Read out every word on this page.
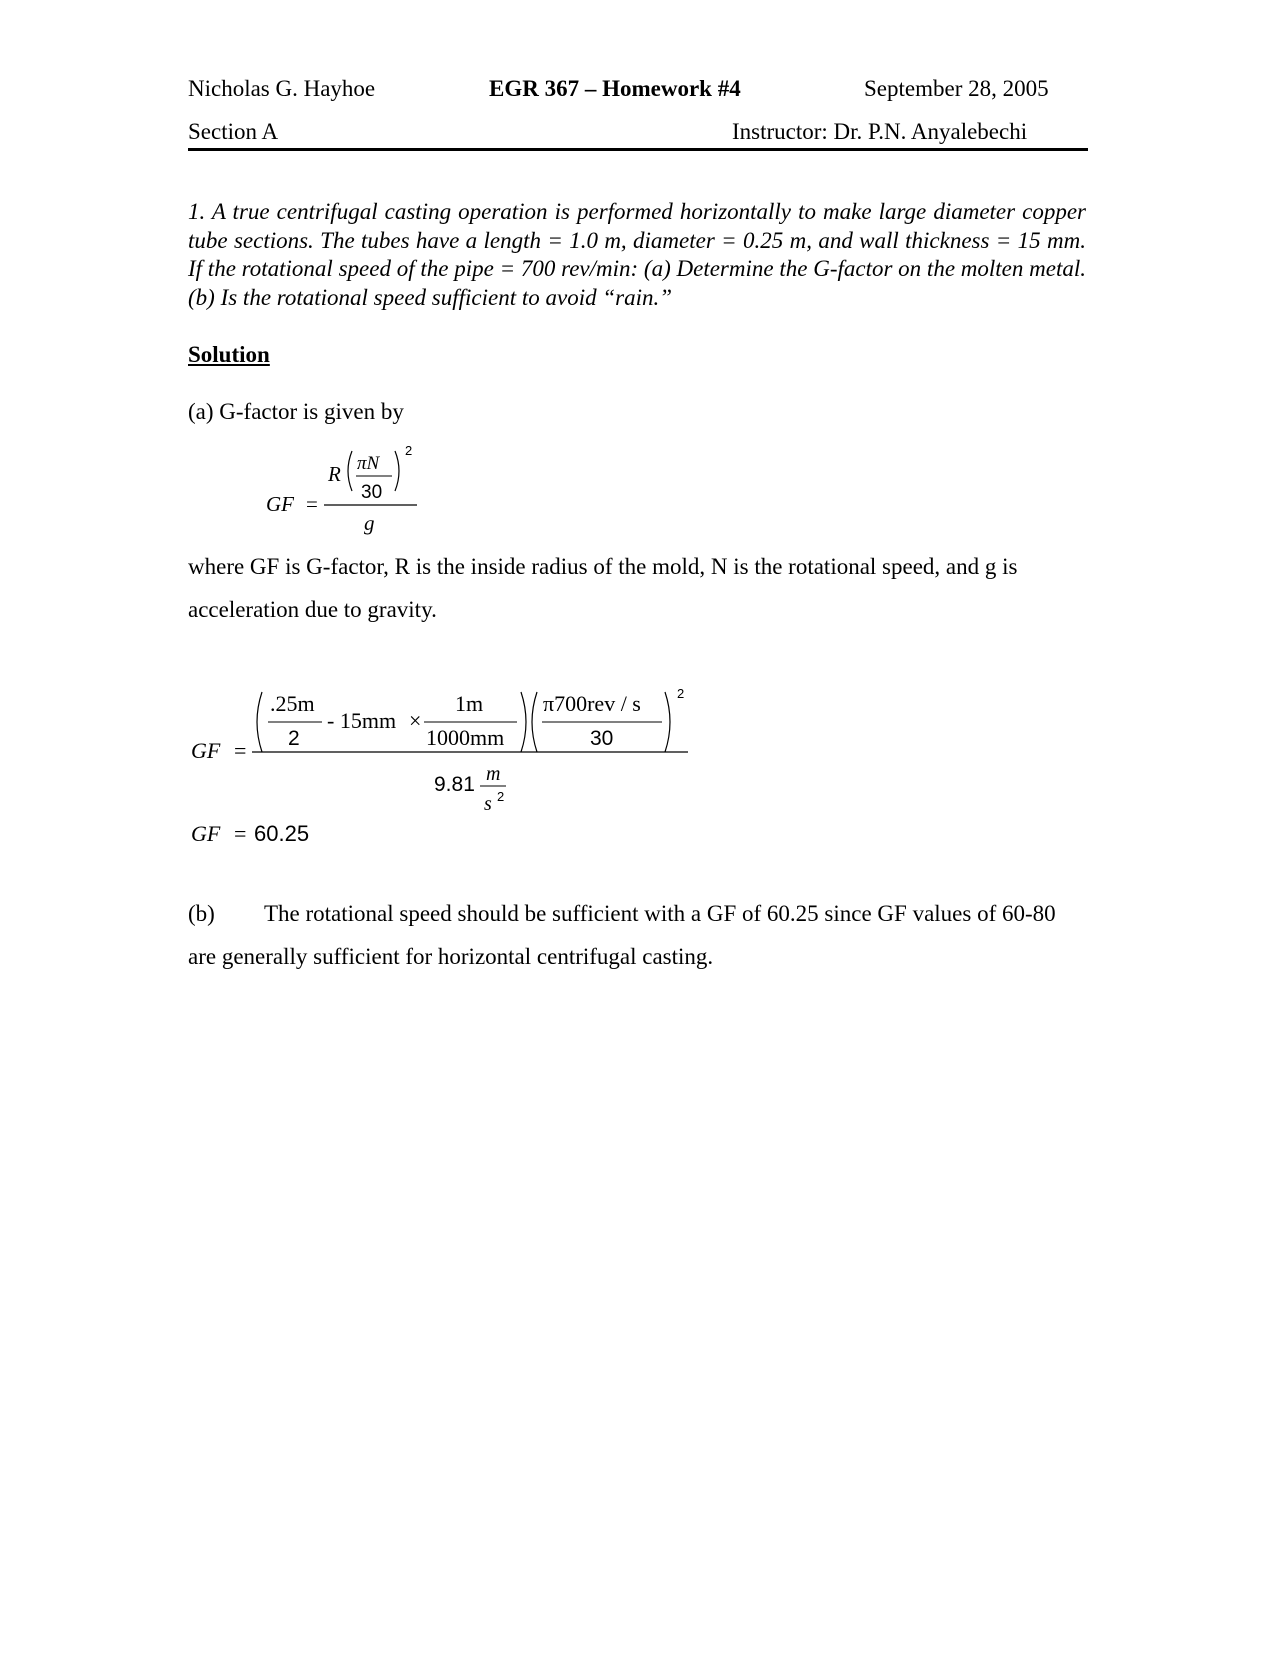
Nicholas G. Hayhoe	EGR 367 – Homework #4	September 28, 2005
Section A	Instructor: Dr. P.N. Anyalebechi
1. A true centrifugal casting operation is performed horizontally to make large diameter copper tube sections. The tubes have a length = 1.0 m, diameter = 0.25 m, and wall thickness = 15 mm. If the rotational speed of the pipe = 700 rev/min: (a) Determine the G-factor on the molten metal. (b) Is the rotational speed sufficient to avoid “rain.”
Solution
(a) G-factor is given by
GF =
R πN
30
2
g
where GF is G-factor, R is the inside radius of the mold, N is the rotational speed, and g is acceleration due to gravity.
GF =
.25m
2
- 15mm ×
1m
1000mm
π700rev / s
30
2
9.81 m
s 2
GF = 60.25
(b) The rotational speed should be sufficient with a GF of 60.25 since GF values of 60-80 are generally sufficient for horizontal centrifugal casting.
